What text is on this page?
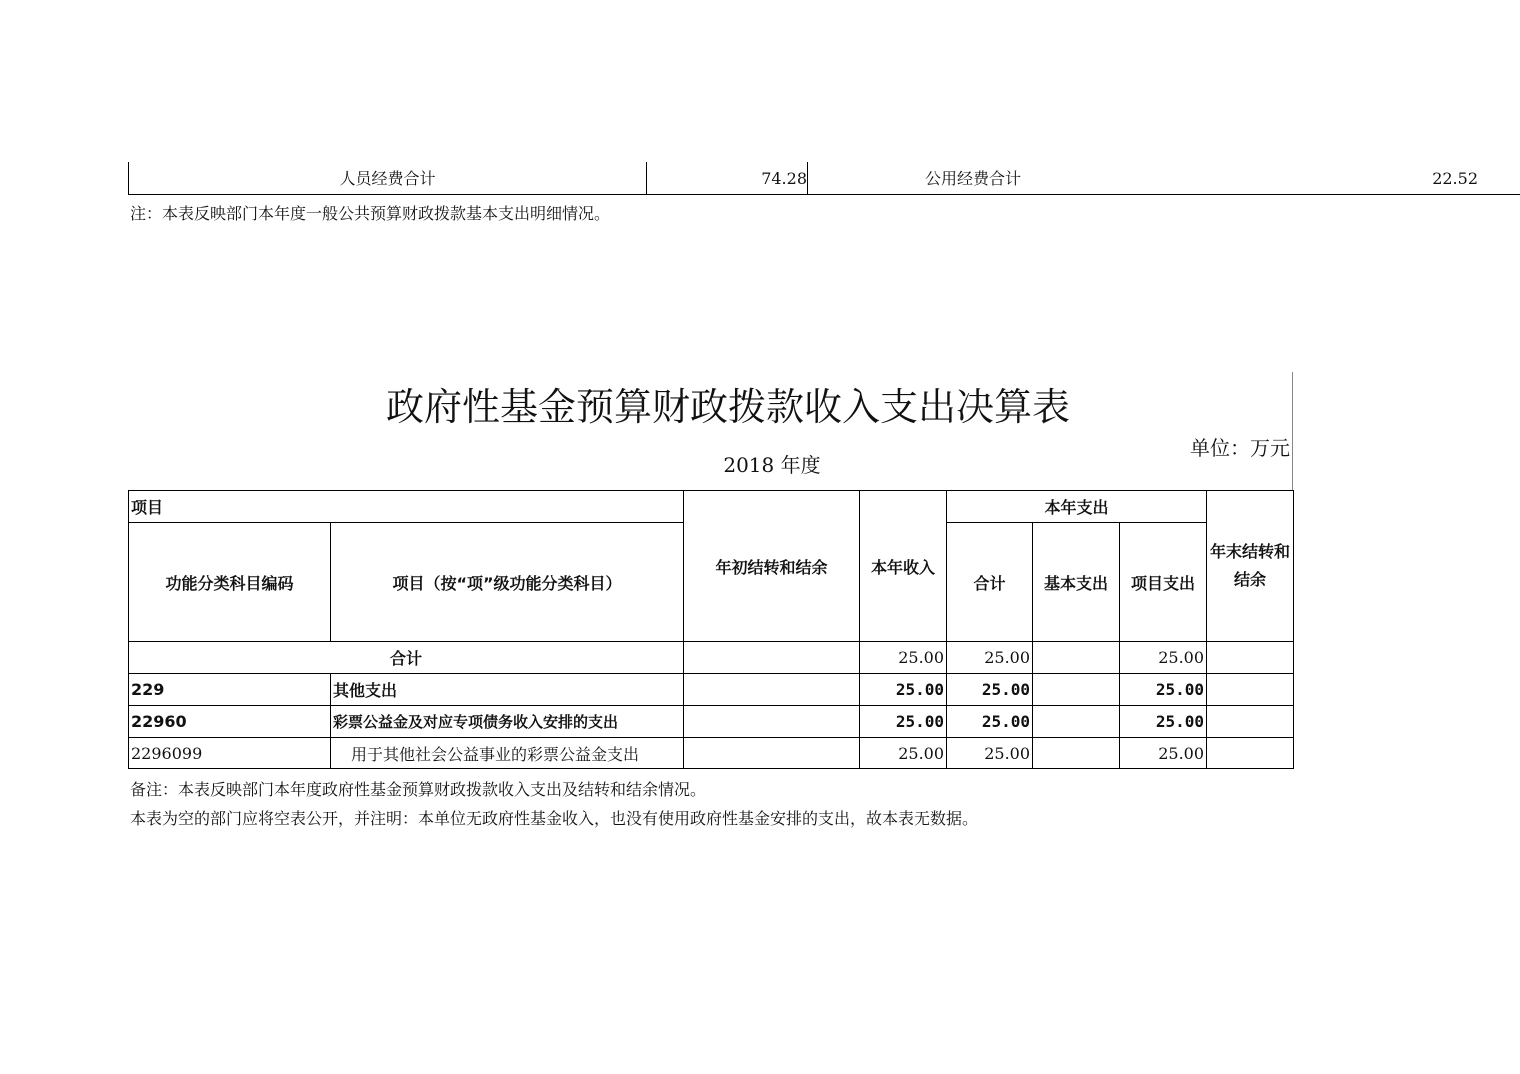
人员经费合计	74.28	公用经费合计	22.52
注：本表反映部门本年度一般公共预算财政拨款基本支出明细情况。
政府性基金预算财政拨款收入支出决算表
2018 年度
单位：万元
项目		年初结转和结余	本年收入	本年支出			年末结转和结余
功能分类科目编码	项目（按“项”级功能分类科目）			合计	基本支出	项目支出	
合计			25.00	25.00		25.00	
229	其他支出		25.00	25.00		25.00	
22960	彩票公益金及对应专项债务收入安排的支出		25.00	25.00		25.00	
2296099	用于其他社会公益事业的彩票公益金支出		25.00	25.00		25.00	
备注：本表反映部门本年度政府性基金预算财政拨款收入支出及结转和结余情况。
本表为空的部门应将空表公开，并注明：本单位无政府性基金收入，也没有使用政府性基金安排的支出，故本表无数据。
